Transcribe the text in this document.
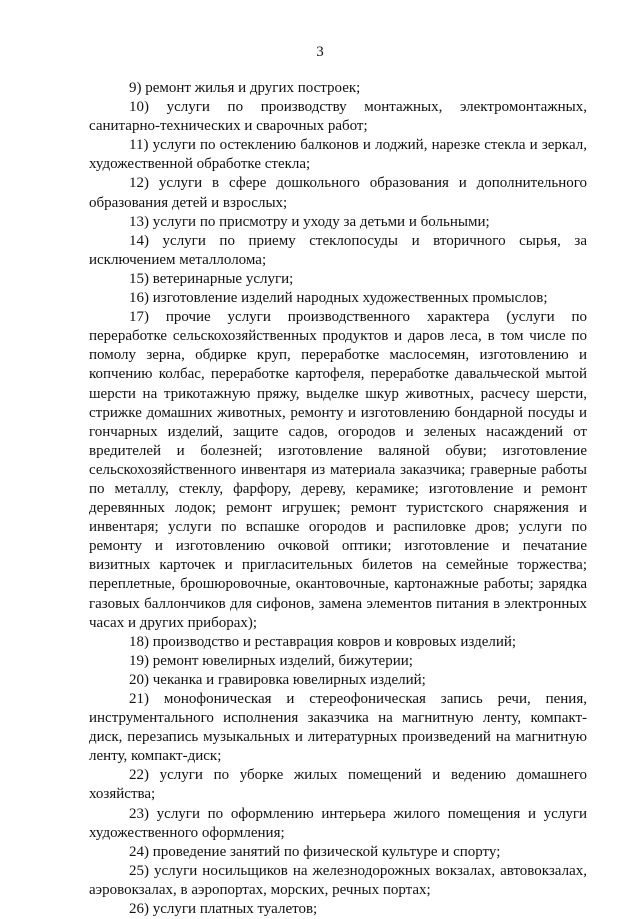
3

9) ремонт жилья и других построек;

10) услуги по производству монтажных, электромонтажных, санитарно-технических и сварочных работ;

11) услуги по остеклению балконов и лоджий, нарезке стекла и зеркал, художественной обработке стекла;

12) услуги в сфере дошкольного образования и дополнительного образования детей и взрослых;

13) услуги по присмотру и уходу за детьми и больными;

14) услуги по приему стеклопосуды и вторичного сырья, за исключением металлолома;

15) ветеринарные услуги;

16) изготовление изделий народных художественных промыслов;

17) прочие услуги производственного характера (услуги по переработке сельскохозяйственных продуктов и даров леса, в том числе по помолу зерна, обдирке круп, переработке маслосемян, изготовлению и копчению колбас, переработке картофеля, переработке давальческой мытой шерсти на трикотажную пряжу, выделке шкур животных, расчесу шерсти, стрижке домашних животных, ремонту и изготовлению бондарной посуды и гончарных изделий, защите садов, огородов и зеленых насаждений от вредителей и болезней; изготовление валяной обуви; изготовление сельскохозяйственного инвентаря из материала заказчика; граверные работы по металлу, стеклу, фарфору, дереву, керамике; изготовление и ремонт деревянных лодок; ремонт игрушек; ремонт туристского снаряжения и инвентаря; услуги по вспашке огородов и распиловке дров; услуги по ремонту и изготовлению очковой оптики; изготовление и печатание визитных карточек и пригласительных билетов на семейные торжества; переплетные, брошюровочные, окантовочные, картонажные работы; зарядка газовых баллончиков для сифонов, замена элементов питания в электронных часах и других приборах);

18) производство и реставрация ковров и ковровых изделий;

19) ремонт ювелирных изделий, бижутерии;

20) чеканка и гравировка ювелирных изделий;

21) монофоническая и стереофоническая запись речи, пения, инструментального исполнения заказчика на магнитную ленту, компакт-диск, перезапись музыкальных и литературных произведений на магнитную ленту, компакт-диск;

22) услуги по уборке жилых помещений и ведению домашнего хозяйства;

23) услуги по оформлению интерьера жилого помещения и услуги художественного оформления;

24) проведение занятий по физической культуре и спорту;

25) услуги носильщиков на железнодорожных вокзалах, автовокзалах, аэровокзалах, в аэропортах, морских, речных портах;

26) услуги платных туалетов;
